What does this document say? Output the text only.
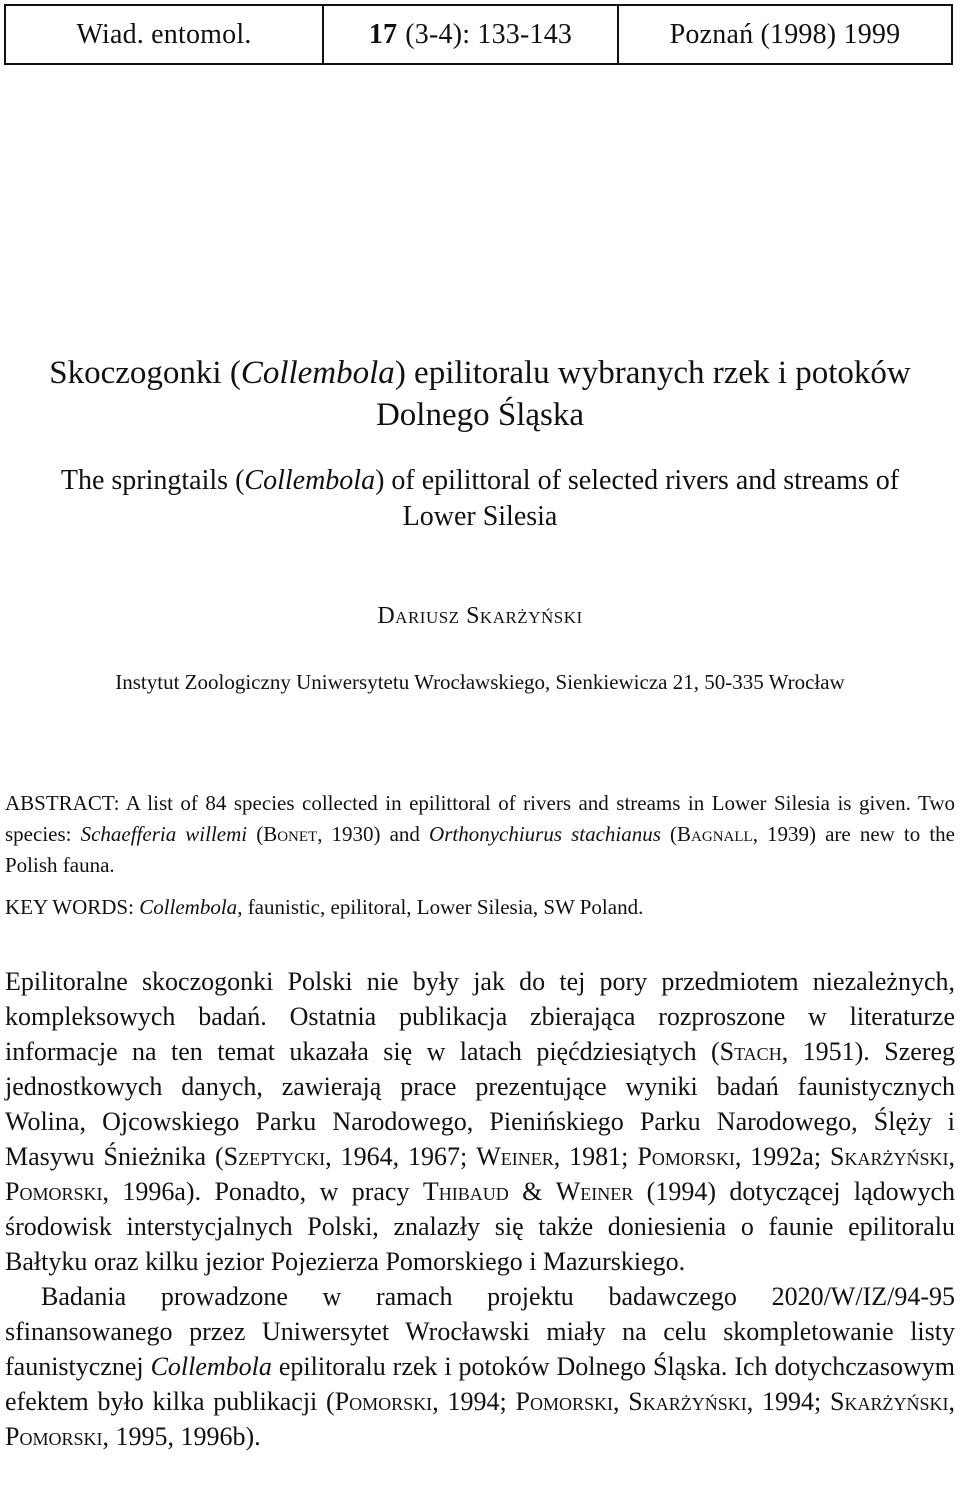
Wiad. entomol.	17 (3-4): 133-143	Poznań (1998) 1999
Skoczogonki (Collembola) epilitoralu wybranych rzek i potoków
Dolnego Śląska
The springtails (Collembola) of epilittoral of selected rivers and streams of
Lower Silesia
Dariusz Skarżyński
Instytut Zoologiczny Uniwersytetu Wrocławskiego, Sienkiewicza 21, 50-335 Wrocław

ABSTRACT: A list of 84 species collected in epilittoral of rivers and streams in Lower Silesia is given. Two species: Schaefferia willemi (Bonet, 1930) and Orthonychiurus stachianus (Bagnall, 1939) are new to the Polish fauna.

KEY WORDS: Collembola, faunistic, epilitoral, Lower Silesia, SW Poland.

Epilitoralne skoczogonki Polski nie były jak do tej pory przedmiotem niezależnych, kompleksowych badań. Ostatnia publikacja zbierająca rozproszone w literaturze informacje na ten temat ukazała się w latach pięćdziesiątych (Stach, 1951). Szereg jednostkowych danych, zawierają prace prezentujące wyniki badań faunistycznych Wolina, Ojcowskiego Parku Narodowego, Pienińskiego Parku Narodowego, Ślęży i Masywu Śnieżnika (Szeptycki, 1964, 1967; Weiner, 1981; Pomorski, 1992a; Skarżyński, Pomorski, 1996a). Ponadto, w pracy Thibaud & Weiner (1994) dotyczącej lądowych środowisk interstycjalnych Polski, znalazły się także doniesienia o faunie epilitoralu Bałtyku oraz kilku jezior Pojezierza Pomorskiego i Mazurskiego.

Badania prowadzone w ramach projektu badawczego 2020/W/IZ/94-95 sfinansowanego przez Uniwersytet Wrocławski miały na celu skompletowanie listy faunistycznej Collembola epilitoralu rzek i potoków Dolnego Śląska. Ich dotychczasowym efektem było kilka publikacji (Pomorski, 1994; Pomorski, Skarżyński, 1994; Skarżyński, Pomorski, 1995, 1996b).
